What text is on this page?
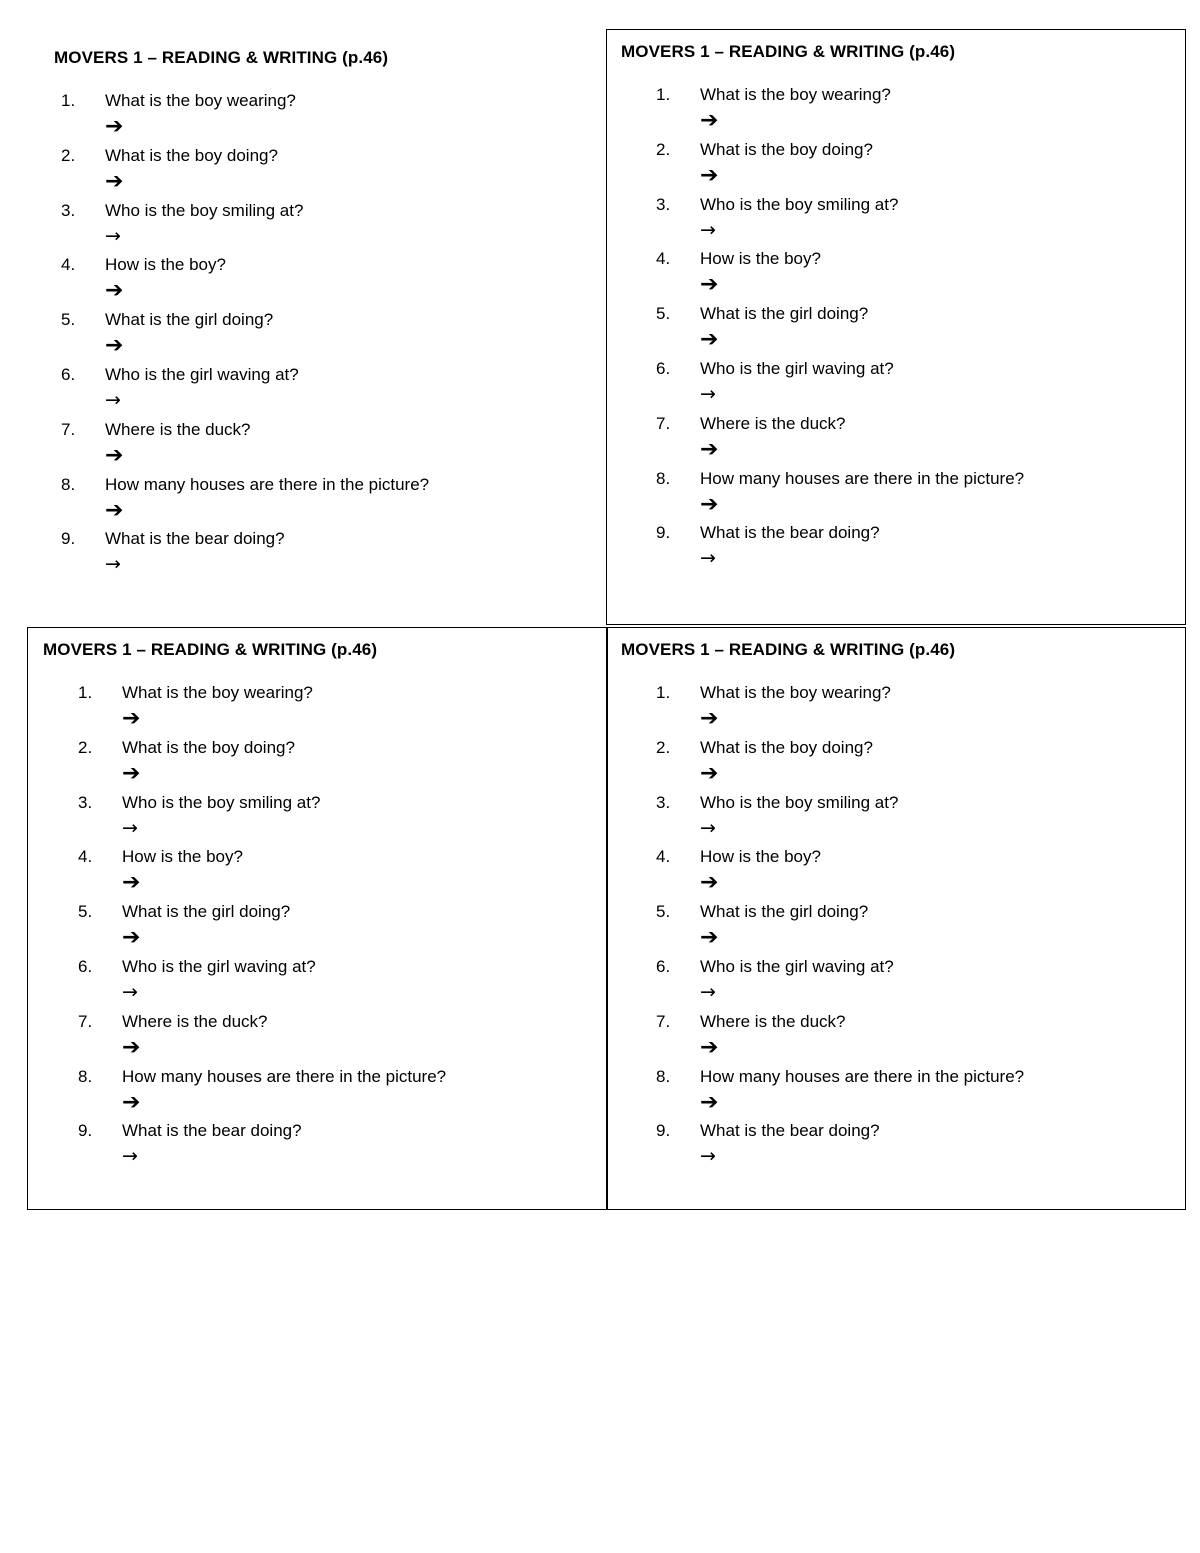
MOVERS 1 – READING & WRITING (p.46)
1. What is the boy wearing?
➔
2. What is the boy doing?
➔
3. Who is the boy smiling at?
→
4. How is the boy?
➔
5. What is the girl doing?
➔
6. Who is the girl waving at?
→
7. Where is the duck?
➔
8. How many houses are there in the picture?
➔
9. What is the bear doing?
→
MOVERS 1 – READING & WRITING (p.46)
1. What is the boy wearing?
➔
2. What is the boy doing?
➔
3. Who is the boy smiling at?
→
4. How is the boy?
➔
5. What is the girl doing?
➔
6. Who is the girl waving at?
→
7. Where is the duck?
➔
8. How many houses are there in the picture?
➔
9. What is the bear doing?
→
MOVERS 1 – READING & WRITING (p.46)
1. What is the boy wearing?
➔
2. What is the boy doing?
➔
3. Who is the boy smiling at?
→
4. How is the boy?
➔
5. What is the girl doing?
➔
6. Who is the girl waving at?
→
7. Where is the duck?
➔
8. How many houses are there in the picture?
➔
9. What is the bear doing?
→
MOVERS 1 – READING & WRITING (p.46)
1. What is the boy wearing?
➔
2. What is the boy doing?
➔
3. Who is the boy smiling at?
→
4. How is the boy?
➔
5. What is the girl doing?
➔
6. Who is the girl waving at?
→
7. Where is the duck?
➔
8. How many houses are there in the picture?
➔
9. What is the bear doing?
→
